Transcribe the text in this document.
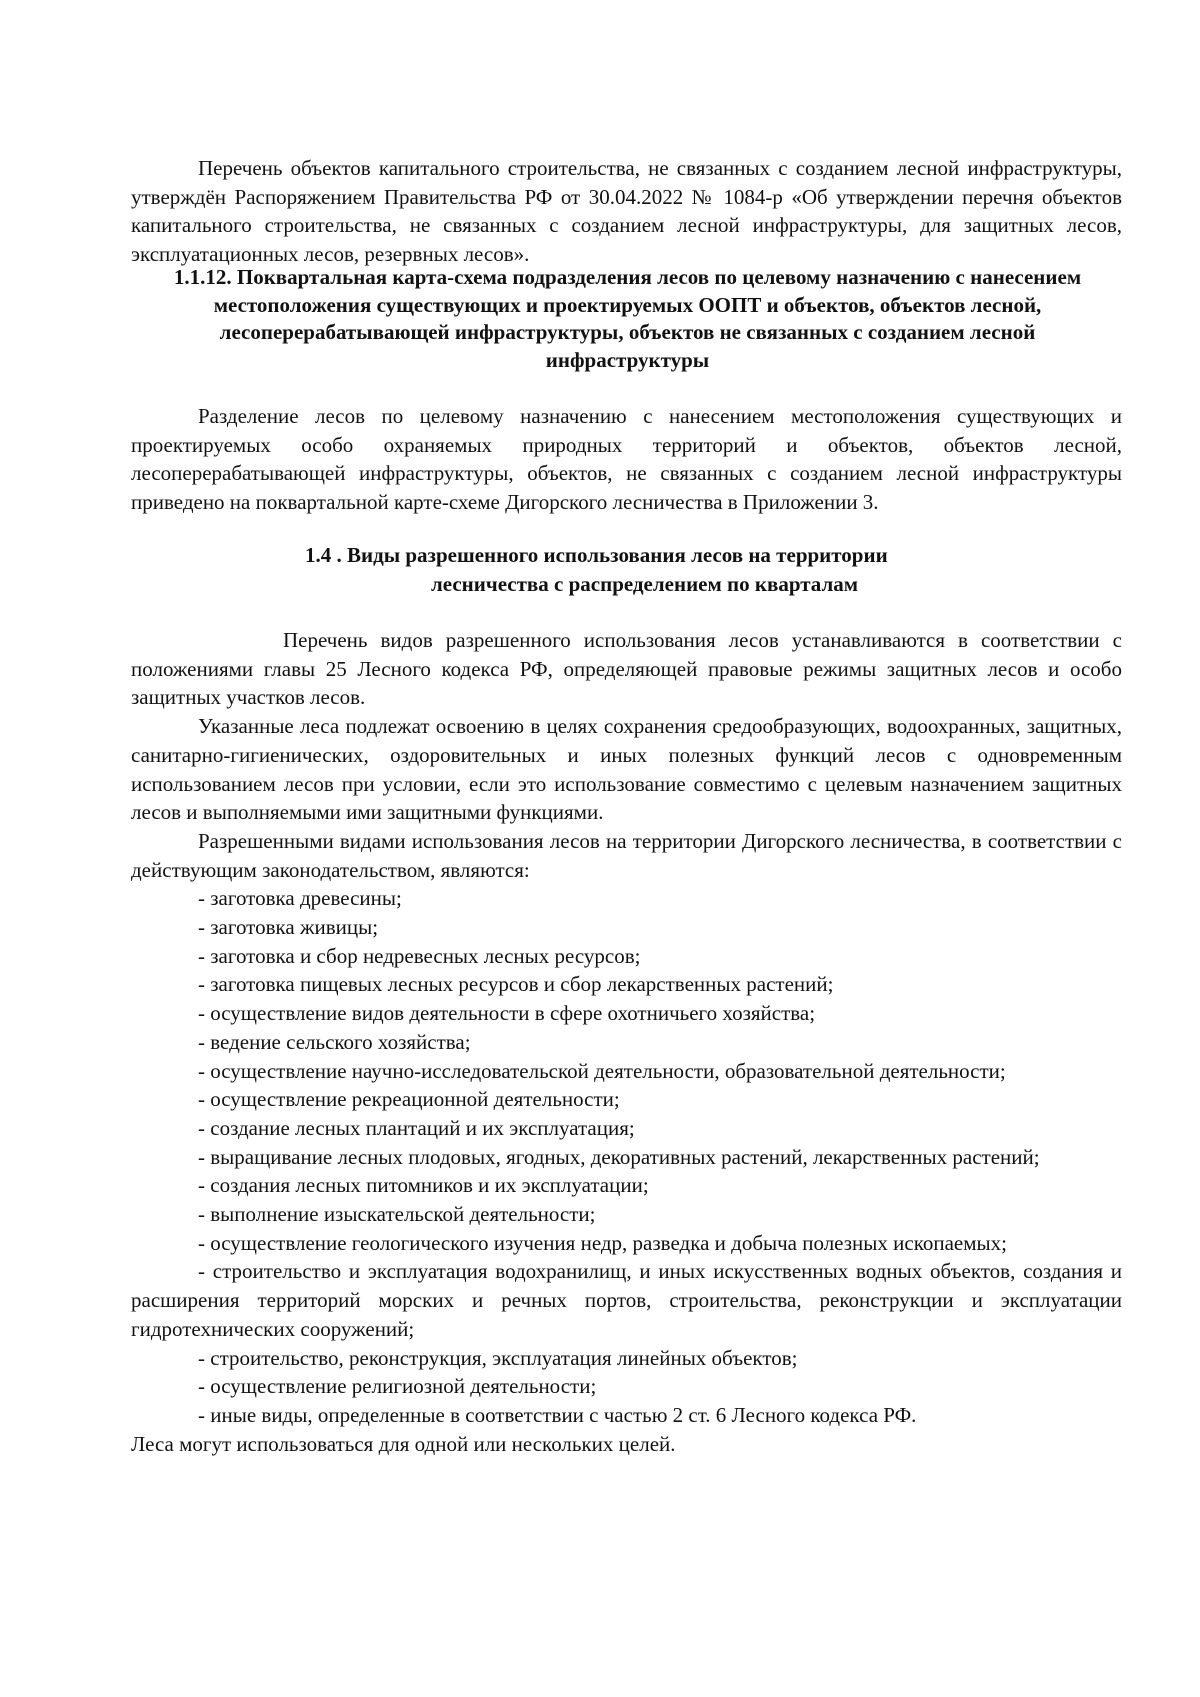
Перечень объектов капитального строительства, не связанных с созданием лесной инфраструктуры, утверждён Распоряжением Правительства РФ от 30.04.2022 № 1084-р «Об утверждении перечня объектов капитального строительства, не связанных с созданием лесной инфраструктуры, для защитных лесов, эксплуатационных лесов, резервных лесов».

1.1.12. Поквартальная карта-схема подразделения лесов по целевому назначению с нанесением местоположения существующих и проектируемых ООПТ и объектов, объектов лесной, лесоперерабатывающей инфраструктуры, объектов не связанных с созданием лесной инфраструктуры

Разделение лесов по целевому назначению с нанесением местоположения существующих и проектируемых особо охраняемых природных территорий и объектов, объектов лесной, лесоперерабатывающей инфраструктуры, объектов, не связанных с созданием лесной инфраструктуры приведено на поквартальной карте-схеме Дигорского лесничества в Приложении 3.

1.4 . Виды разрешенного использования лесов на территории
лесничества с распределением по кварталам

Перечень видов разрешенного использования лесов устанавливаются в соответствии с положениями главы 25 Лесного кодекса РФ, определяющей правовые режимы защитных лесов и особо защитных участков лесов.

Указанные леса подлежат освоению в целях сохранения средообразующих, водоохранных, защитных, санитарно-гигиенических, оздоровительных и иных полезных функций лесов с одновременным использованием лесов при условии, если это использование совместимо с целевым назначением защитных лесов и выполняемыми ими защитными функциями.

Разрешенными видами использования лесов на территории Дигорского лесничества, в соответствии с действующим законодательством, являются:

- заготовка древесины;
- заготовка живицы;
- заготовка и сбор недревесных лесных ресурсов;
- заготовка пищевых лесных ресурсов и сбор лекарственных растений;
- осуществление видов деятельности в сфере охотничьего хозяйства;
- ведение сельского хозяйства;
- осуществление научно-исследовательской деятельности, образовательной деятельности;
- осуществление рекреационной деятельности;
- создание лесных плантаций и их эксплуатация;
- выращивание лесных плодовых, ягодных, декоративных растений, лекарственных растений;
- создания лесных питомников и их эксплуатации;
- выполнение изыскательской деятельности;
- осуществление геологического изучения недр, разведка и добыча полезных ископаемых;
- строительство и эксплуатация водохранилищ, и иных искусственных водных объектов, создания и расширения территорий морских и речных портов, строительства, реконструкции и эксплуатации гидротехнических сооружений;
- строительство, реконструкция, эксплуатация линейных объектов;
- осуществление религиозной деятельности;
- иные виды, определенные в соответствии с частью 2 ст. 6 Лесного кодекса РФ.

Леса могут использоваться для одной или нескольких целей.
